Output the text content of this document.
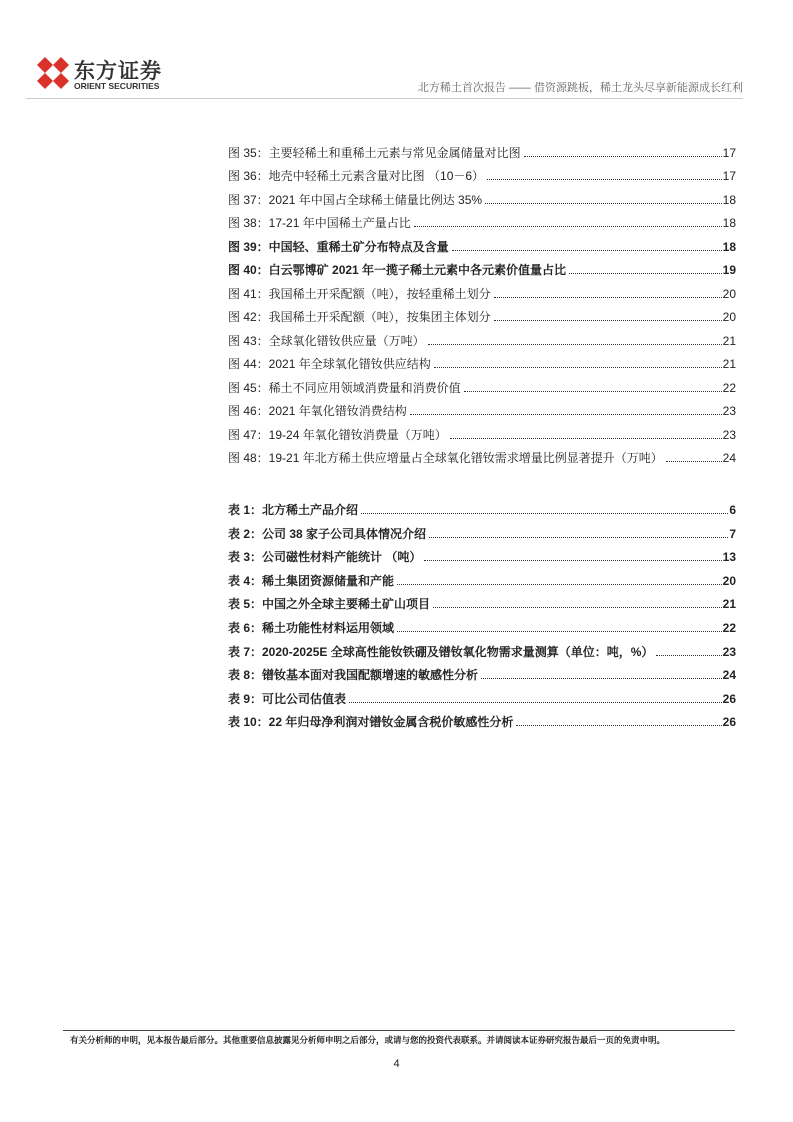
东方证券
ORIENT SECURITIES	北方稀土首次报告 —— 借资源跳板，稀土龙头尽享新能源成长红利
图 35：主要轻稀土和重稀土元素与常见金属储量对比图	17
图 36：地壳中轻稀土元素含量对比图 （10－6）	17
图 37：2021 年中国占全球稀土储量比例达 35%	18
图 38：17-21 年中国稀土产量占比	18
图 39：中国轻、重稀土矿分布特点及含量	18
图 40：白云鄂博矿 2021 年一揽子稀土元素中各元素价值量占比	19
图 41：我国稀土开采配额（吨），按轻重稀土划分	20
图 42：我国稀土开采配额（吨），按集团主体划分	20
图 43：全球氧化镨钕供应量（万吨）	21
图 44：2021 年全球氧化镨钕供应结构	21
图 45：稀土不同应用领域消费量和消费价值	22
图 46：2021 年氧化镨钕消费结构	23
图 47：19-24 年氧化镨钕消费量（万吨）	23
图 48：19-21 年北方稀土供应增量占全球氧化镨钕需求增量比例显著提升（万吨）	24
表 1：北方稀土产品介绍	6
表 2：公司 38 家子公司具体情况介绍	7
表 3：公司磁性材料产能统计 （吨）	13
表 4：稀土集团资源储量和产能	20
表 5：中国之外全球主要稀土矿山项目	21
表 6：稀土功能性材料运用领域	22
表 7：2020-2025E 全球高性能钕铁硼及镨钕氧化物需求量测算（单位：吨，%）	23
表 8：镨钕基本面对我国配额增速的敏感性分析	24
表 9：可比公司估值表	26
表 10：22 年归母净利润对镨钕金属含税价敏感性分析	26
有关分析师的申明，见本报告最后部分。其他重要信息披露见分析师申明之后部分，或请与您的投资代表联系。并请阅读本证券研究报告最后一页的免责申明。
4
